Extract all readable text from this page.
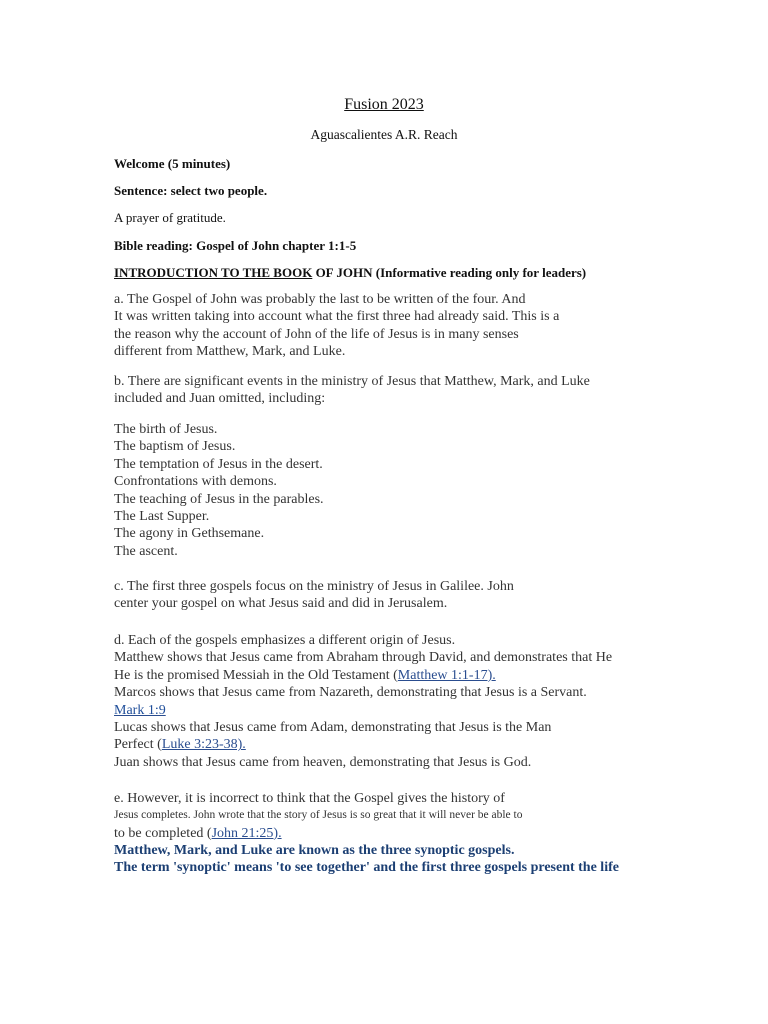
Fusion 2023
Aguascalientes A.R. Reach
Welcome (5 minutes)
Sentence: select two people.
A prayer of gratitude.
Bible reading: Gospel of John chapter 1:1-5
INTRODUCTION TO THE BOOK OF JOHN (Informative reading only for leaders)
a. The Gospel of John was probably the last to be written of the four. And
It was written taking into account what the first three had already said. This is a
the reason why the account of John of the life of Jesus is in many senses
different from Matthew, Mark, and Luke.
b. There are significant events in the ministry of Jesus that Matthew, Mark, and Luke
included and Juan omitted, including:
The birth of Jesus.
The baptism of Jesus.
The temptation of Jesus in the desert.
Confrontations with demons.
The teaching of Jesus in the parables.
The Last Supper.
The agony in Gethsemane.
The ascent.
c. The first three gospels focus on the ministry of Jesus in Galilee. John
center your gospel on what Jesus said and did in Jerusalem.
d. Each of the gospels emphasizes a different origin of Jesus.
Matthew shows that Jesus came from Abraham through David, and demonstrates that He
He is the promised Messiah in the Old Testament (Matthew 1:1-17).
Marcos shows that Jesus came from Nazareth, demonstrating that Jesus is a Servant.
Mark 1:9
Lucas shows that Jesus came from Adam, demonstrating that Jesus is the Man
Perfect (Luke 3:23-38).
Juan shows that Jesus came from heaven, demonstrating that Jesus is God.
e. However, it is incorrect to think that the Gospel gives the history of
Jesus completes. John wrote that the story of Jesus is so great that it will never be able to
to be completed (John 21:25).
Matthew, Mark, and Luke are known as the three synoptic gospels.
The term 'synoptic' means 'to see together' and the first three gospels present the life
